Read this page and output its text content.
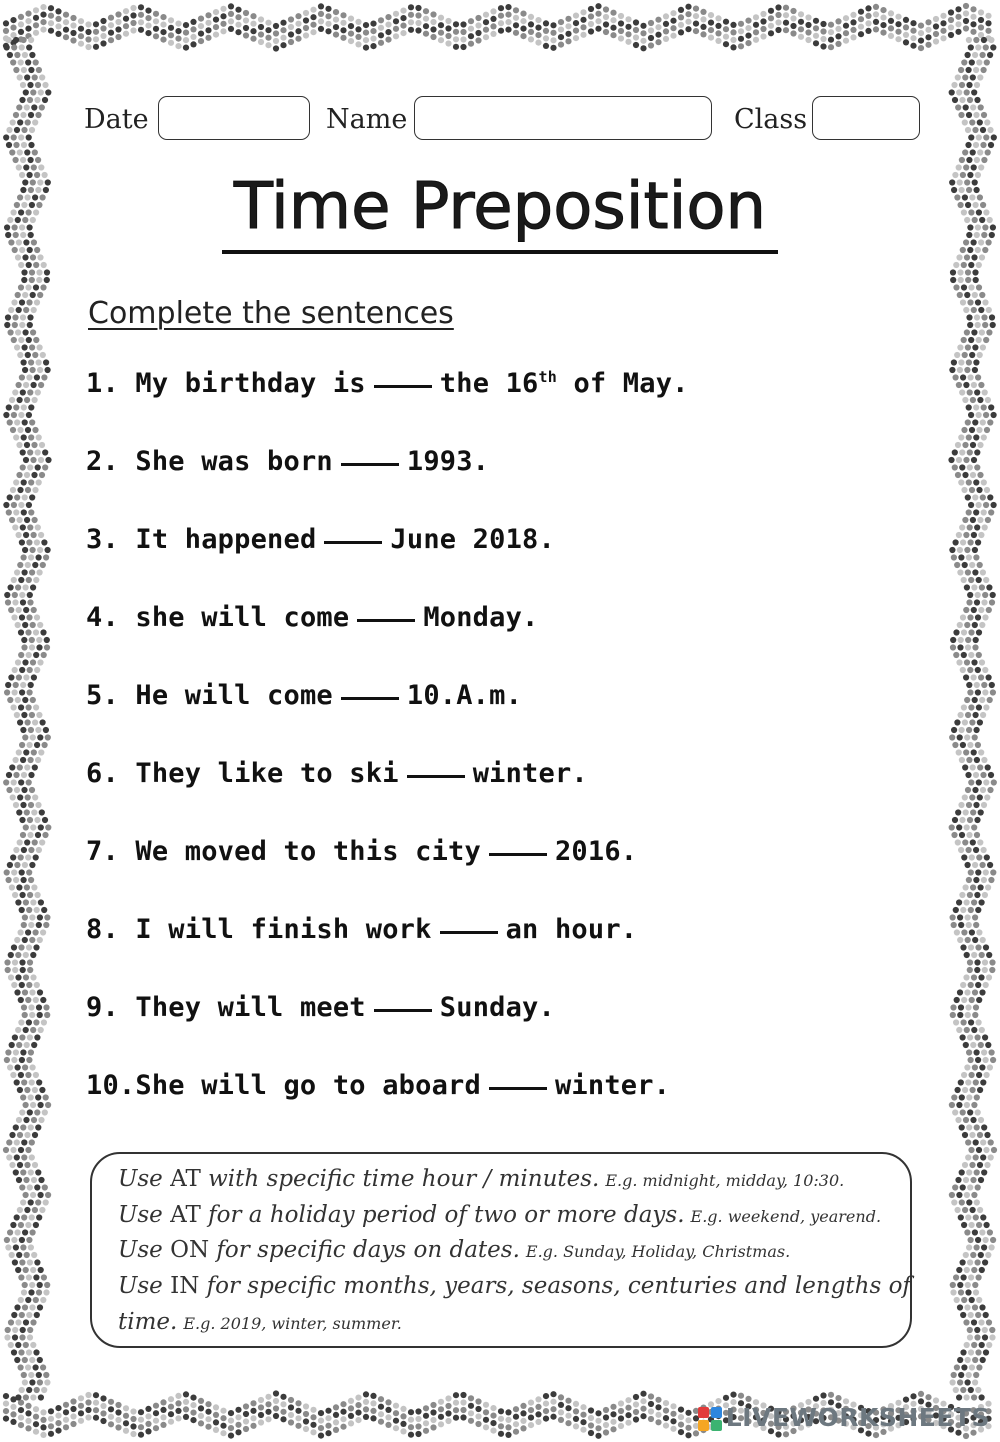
Date	Name	Class
Time Preposition
Complete the sentences
1. My birthday is	the 16th of May.
2. She was born	1993.
3. It happened	June 2018.
4. she will come	Monday.
5. He will come	10.A.m.
6. They like to ski	winter.
7. We moved to this city	2016.
8. I will finish work	an hour.
9. They will meet	Sunday.
10.She will go to aboard	winter.
Use AT with specific time hour / minutes. E.g. midnight, midday, 10:30.
Use AT for a holiday period of two or more days. E.g. weekend, yearend.
Use ON for specific days on dates. E.g. Sunday, Holiday, Christmas.
Use IN for specific months, years, seasons, centuries and lengths of
time. E.g. 2019, winter, summer.
LIVEWORKSHEETS
